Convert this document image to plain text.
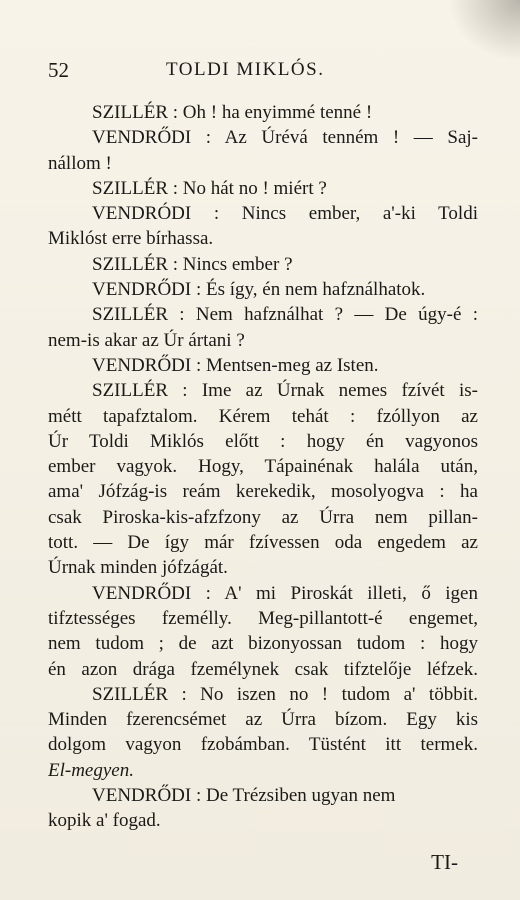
52	TOLDI MIKLÓS.
SZILLÉR : Oh ! ha enyimmé tenné !
VENDRŐDI : Az Úrévá tenném ! — Saj-
nállom !
SZILLÉR : No hát no ! miért ?
VENDRÓDI : Nincs ember, a'-ki Toldi
Miklóst erre bírhassa.
SZILLÉR : Nincs ember ?
VENDRŐDI : És így, én nem hafználhatok.
SZILLÉR : Nem hafználhat ? — De úgy-é :
nem-is akar az Úr ártani ?
VENDRŐDI : Mentsen-meg az Isten.
SZILLÉR : Ime az Úrnak nemes fzívét is-
métt tapafztalom. Kérem tehát : fzóllyon az
Úr Toldi Miklós előtt : hogy én vagyonos
ember vagyok. Hogy, Tápainénak halála után,
ama' Jófzág-is reám kerekedik, mosolyogva : ha
csak Piroska-kis-afzfzony az Úrra nem pillan-
tott. — De így már fzívessen oda engedem az
Úrnak minden jófzágát.
VENDRŐDI : A' mi Piroskát illeti, ő igen
tifztességes fzemélly. Meg-pillantott-é engemet,
nem tudom ; de azt bizonyossan tudom : hogy
én azon drága fzemélynek csak tifztelője léfzek.
SZILLÉR : No iszen no ! tudom a' többit.
Minden fzerencsémet az Úrra bízom. Egy kis
dolgom vagyon fzobámban. Tüstént itt termek.
El-megyen.
VENDRŐDI : De Trézsiben ugyan nem
kopik a' fogad.
TI-
